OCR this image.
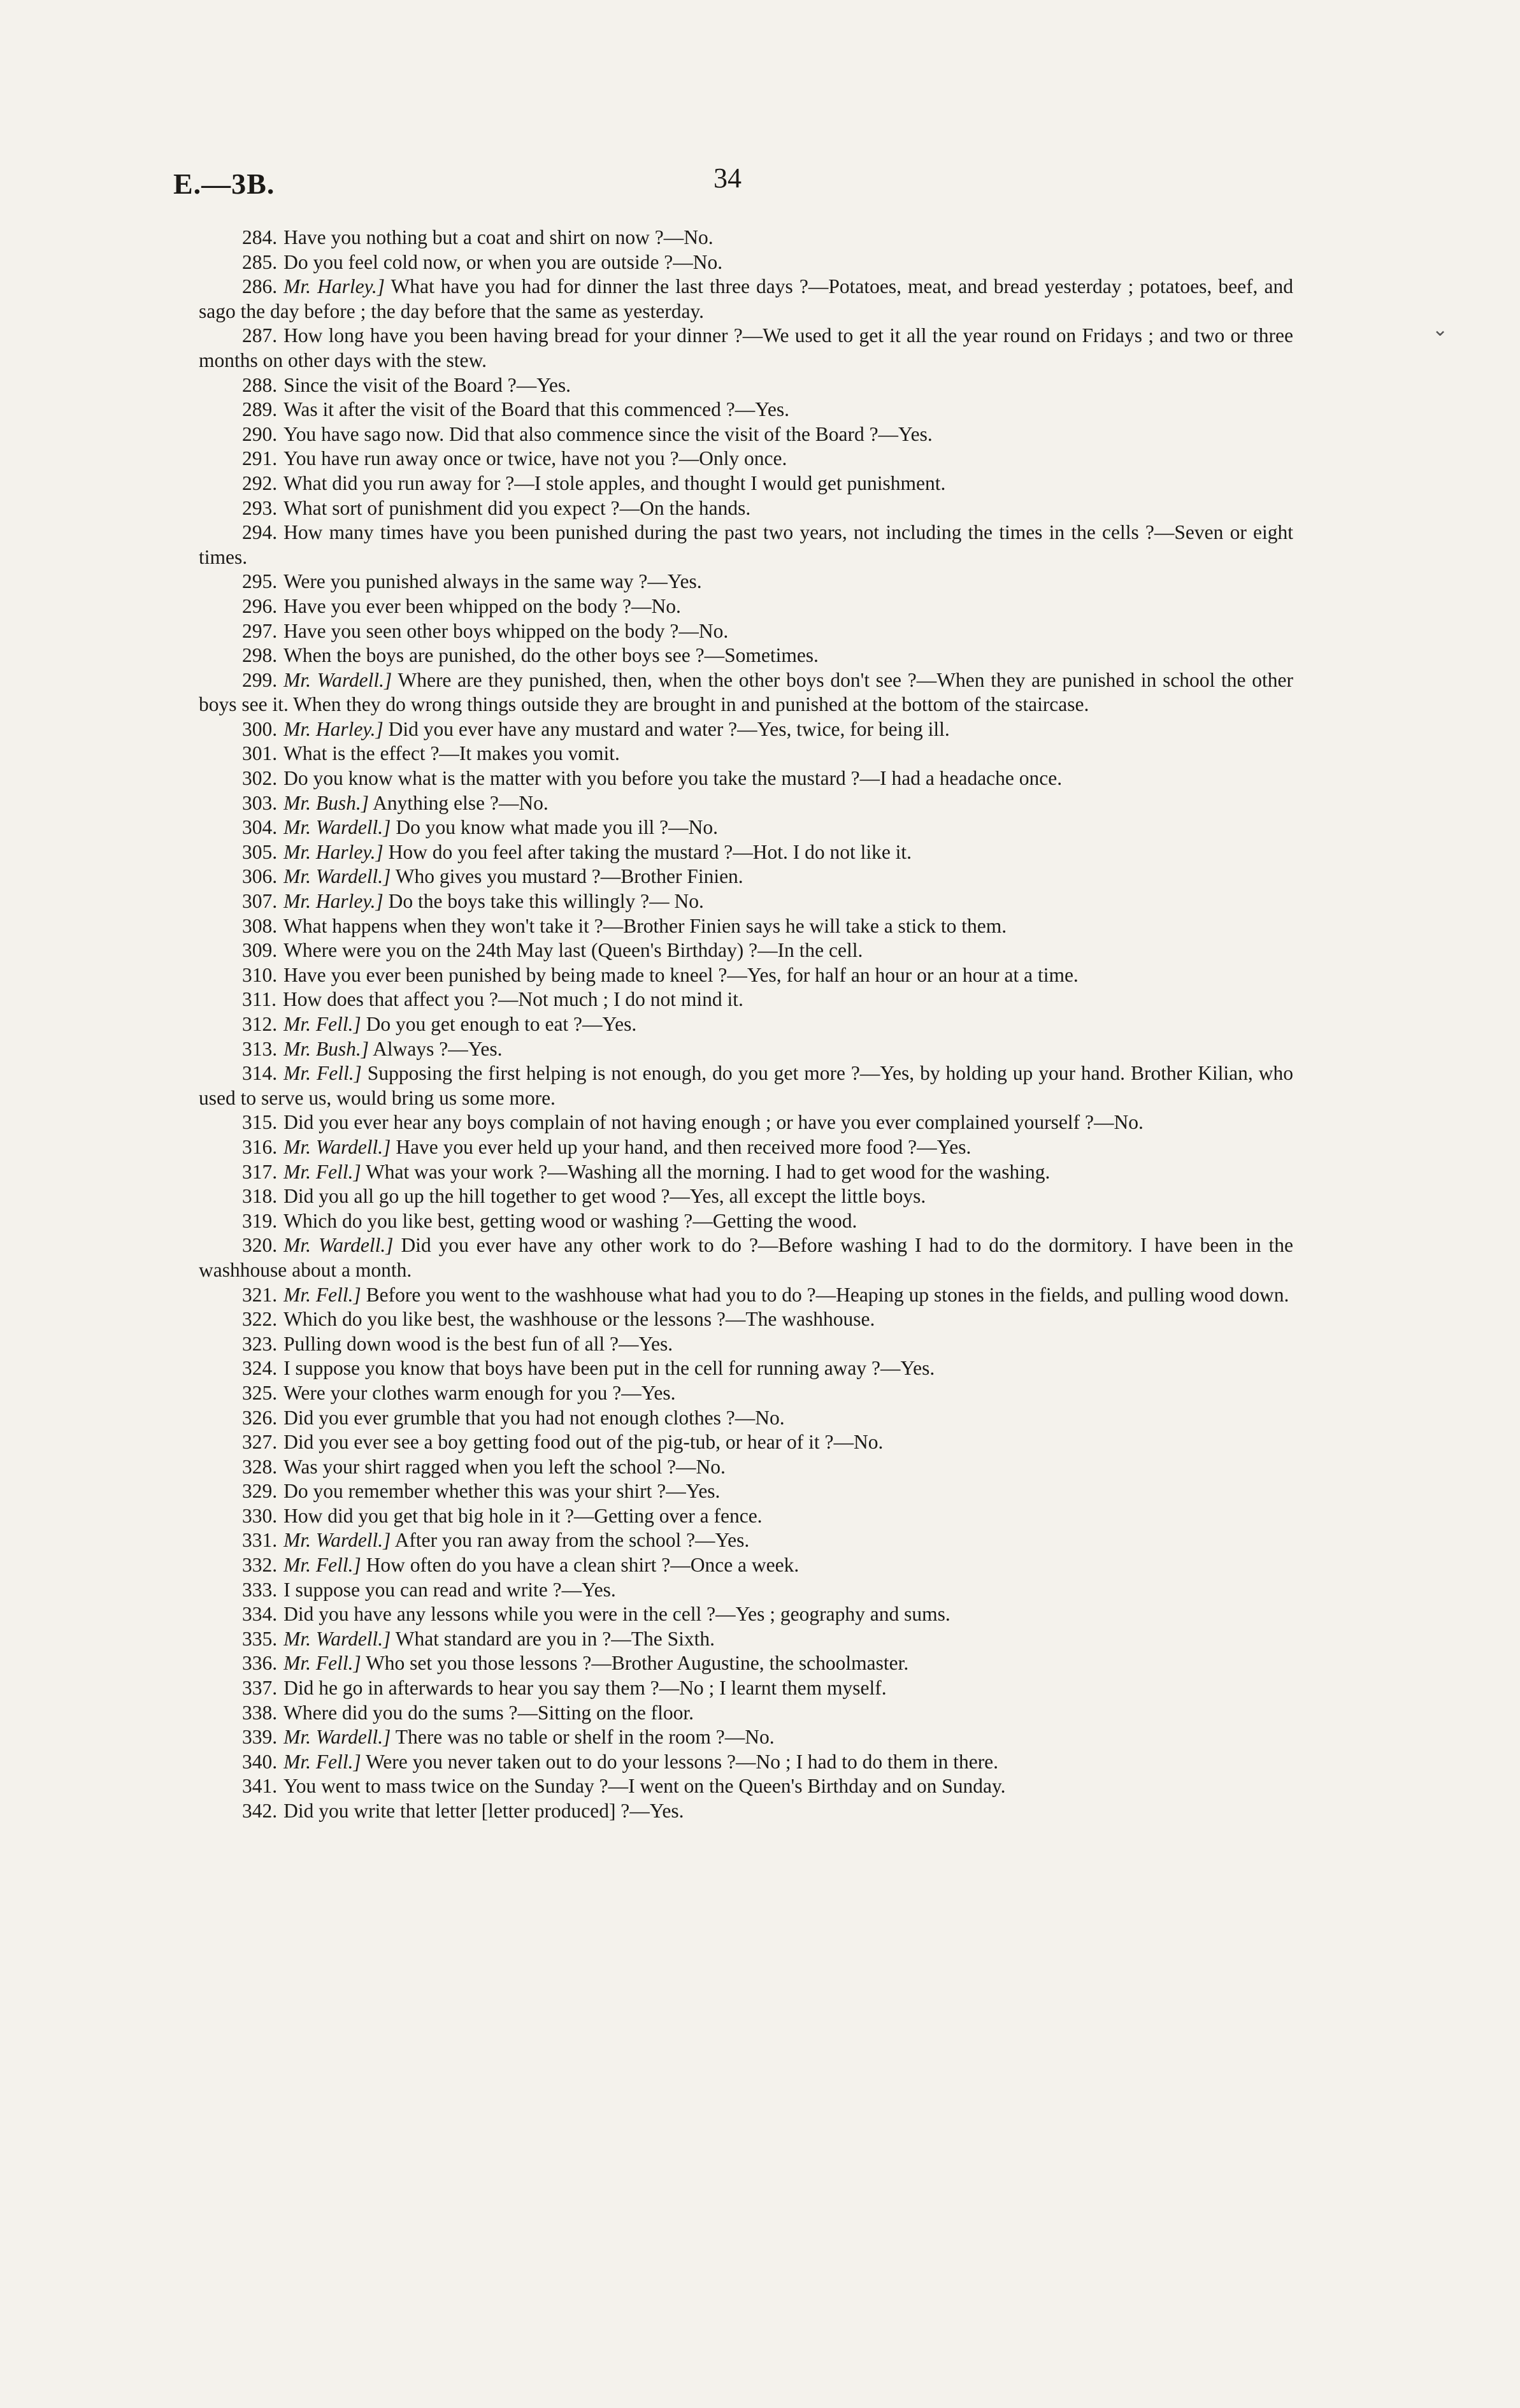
E.—3B.	34

284. Have you nothing but a coat and shirt on now ?—No.

285. Do you feel cold now, or when you are outside ?—No.

286. Mr. Harley.] What have you had for dinner the last three days ?—Potatoes, meat, and bread yesterday ; potatoes, beef, and sago the day before ; the day before that the same as yesterday.

287. How long have you been having bread for your dinner ?—We used to get it all the year round on Fridays ; and two or three months on other days with the stew.

288. Since the visit of the Board ?—Yes.

289. Was it after the visit of the Board that this commenced ?—Yes.

290. You have sago now. Did that also commence since the visit of the Board ?—Yes.

291. You have run away once or twice, have not you ?—Only once.

292. What did you run away for ?—I stole apples, and thought I would get punishment.

293. What sort of punishment did you expect ?—On the hands.

294. How many times have you been punished during the past two years, not including the times in the cells ?—Seven or eight times.

295. Were you punished always in the same way ?—Yes.

296. Have you ever been whipped on the body ?—No.

297. Have you seen other boys whipped on the body ?—No.

298. When the boys are punished, do the other boys see ?—Sometimes.

299. Mr. Wardell.] Where are they punished, then, when the other boys don't see ?—When they are punished in school the other boys see it. When they do wrong things outside they are brought in and punished at the bottom of the staircase.

300. Mr. Harley.] Did you ever have any mustard and water ?—Yes, twice, for being ill.

301. What is the effect ?—It makes you vomit.

302. Do you know what is the matter with you before you take the mustard ?—I had a headache once.

303. Mr. Bush.] Anything else ?—No.

304. Mr. Wardell.] Do you know what made you ill ?—No.

305. Mr. Harley.] How do you feel after taking the mustard ?—Hot. I do not like it.

306. Mr. Wardell.] Who gives you mustard ?—Brother Finien.

307. Mr. Harley.] Do the boys take this willingly ?— No.

308. What happens when they won't take it ?—Brother Finien says he will take a stick to them.

309. Where were you on the 24th May last (Queen's Birthday) ?—In the cell.

310. Have you ever been punished by being made to kneel ?—Yes, for half an hour or an hour at a time.

311. How does that affect you ?—Not much ; I do not mind it.

312. Mr. Fell.] Do you get enough to eat ?—Yes.

313. Mr. Bush.] Always ?—Yes.

314. Mr. Fell.] Supposing the first helping is not enough, do you get more ?—Yes, by holding up your hand. Brother Kilian, who used to serve us, would bring us some more.

315. Did you ever hear any boys complain of not having enough ; or have you ever complained yourself ?—No.

316. Mr. Wardell.] Have you ever held up your hand, and then received more food ?—Yes.

317. Mr. Fell.] What was your work ?—Washing all the morning. I had to get wood for the washing.

318. Did you all go up the hill together to get wood ?—Yes, all except the little boys.

319. Which do you like best, getting wood or washing ?—Getting the wood.

320. Mr. Wardell.] Did you ever have any other work to do ?—Before washing I had to do the dormitory. I have been in the washhouse about a month.

321. Mr. Fell.] Before you went to the washhouse what had you to do ?—Heaping up stones in the fields, and pulling wood down.

322. Which do you like best, the washhouse or the lessons ?—The washhouse.

323. Pulling down wood is the best fun of all ?—Yes.

324. I suppose you know that boys have been put in the cell for running away ?—Yes.

325. Were your clothes warm enough for you ?—Yes.

326. Did you ever grumble that you had not enough clothes ?—No.

327. Did you ever see a boy getting food out of the pig-tub, or hear of it ?—No.

328. Was your shirt ragged when you left the school ?—No.

329. Do you remember whether this was your shirt ?—Yes.

330. How did you get that big hole in it ?—Getting over a fence.

331. Mr. Wardell.] After you ran away from the school ?—Yes.

332. Mr. Fell.] How often do you have a clean shirt ?—Once a week.

333. I suppose you can read and write ?—Yes.

334. Did you have any lessons while you were in the cell ?—Yes ; geography and sums.

335. Mr. Wardell.] What standard are you in ?—The Sixth.

336. Mr. Fell.] Who set you those lessons ?—Brother Augustine, the schoolmaster.

337. Did he go in afterwards to hear you say them ?—No ; I learnt them myself.

338. Where did you do the sums ?—Sitting on the floor.

339. Mr. Wardell.] There was no table or shelf in the room ?—No.

340. Mr. Fell.] Were you never taken out to do your lessons ?—No ; I had to do them in there.

341. You went to mass twice on the Sunday ?—I went on the Queen's Birthday and on Sunday.

342. Did you write that letter [letter produced] ?—Yes.

⌄
